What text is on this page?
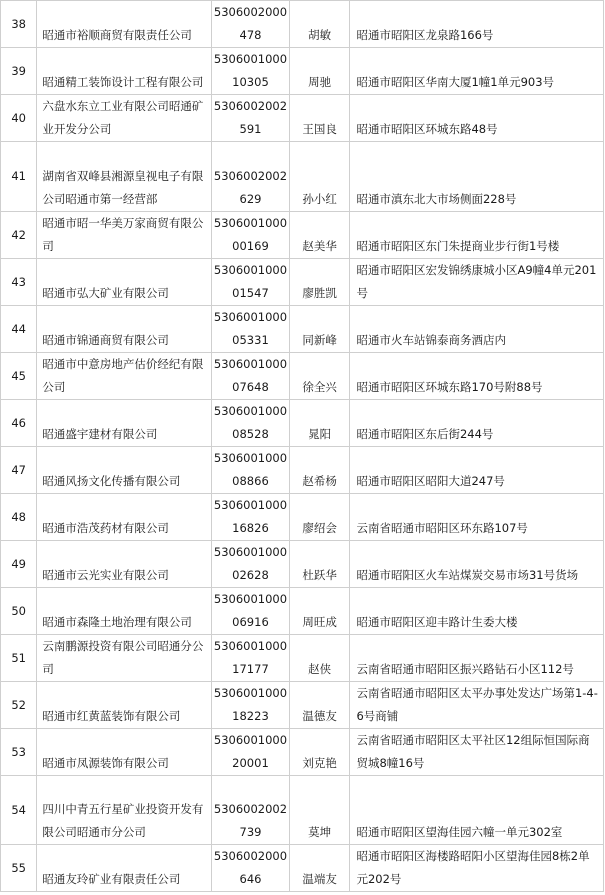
38	昭通市裕顺商贸有限责任公司	5306002000478	胡敏	昭通市昭阳区龙泉路166号
39	昭通精工装饰设计工程有限公司	530600100010305	周驰	昭通市昭阳区华南大厦1幢1单元903号
40	六盘水东立工业有限公司昭通矿业开发分公司	5306002002591	王国良	昭通市昭阳区环城东路48号
41	湖南省双峰县湘源皇视电子有限公司昭通市第一经营部	5306002002629	孙小红	昭通市滇东北大市场侧面228号
42	昭通市昭一华美万家商贸有限公司	530600100000169	赵美华	昭通市昭阳区东门朱提商业步行街1号楼
43	昭通市弘大矿业有限公司	530600100001547	廖胜凯	昭通市昭阳区宏发锦绣康城小区A9幢4单元201号
44	昭通市锦通商贸有限公司	530600100005331	同新峰	昭通市火车站锦泰商务酒店内
45	昭通市中意房地产估价经纪有限公司	530600100007648	徐全兴	昭通市昭阳区环城东路170号附88号
46	昭通盛宇建材有限公司	530600100008528	晁阳	昭通市昭阳区东后街244号
47	昭通风扬文化传播有限公司	530600100008866	赵希杨	昭通市昭阳区昭阳大道247号
48	昭通市浩茂药材有限公司	530600100016826	廖绍会	云南省昭通市昭阳区环东路107号
49	昭通市云光实业有限公司	530600100002628	杜跃华	昭通市昭阳区火车站煤炭交易市场31号货场
50	昭通市森隆土地治理有限公司	530600100006916	周旺成	昭通市昭阳区迎丰路计生委大楼
51	云南鹏源投资有限公司昭通分公司	530600100017177	赵侠	云南省昭通市昭阳区振兴路钻石小区112号
52	昭通市红黄蓝装饰有限公司	530600100018223	温德友	云南省昭通市昭阳区太平办事处发达广场第1-4-6号商铺
53	昭通市凤源装饰有限公司	530600100020001	刘克艳	云南省昭通市昭阳区太平社区12组际恒国际商贸城8幢16号
54	四川中青五行星矿业投资开发有限公司昭通市分公司	5306002002739	莫坤	昭通市昭阳区望海佳园六幢一单元302室
55	昭通友玲矿业有限责任公司	5306002000646	温端友	昭通市昭阳区海楼路昭阳小区望海佳园8栋2单元202号
